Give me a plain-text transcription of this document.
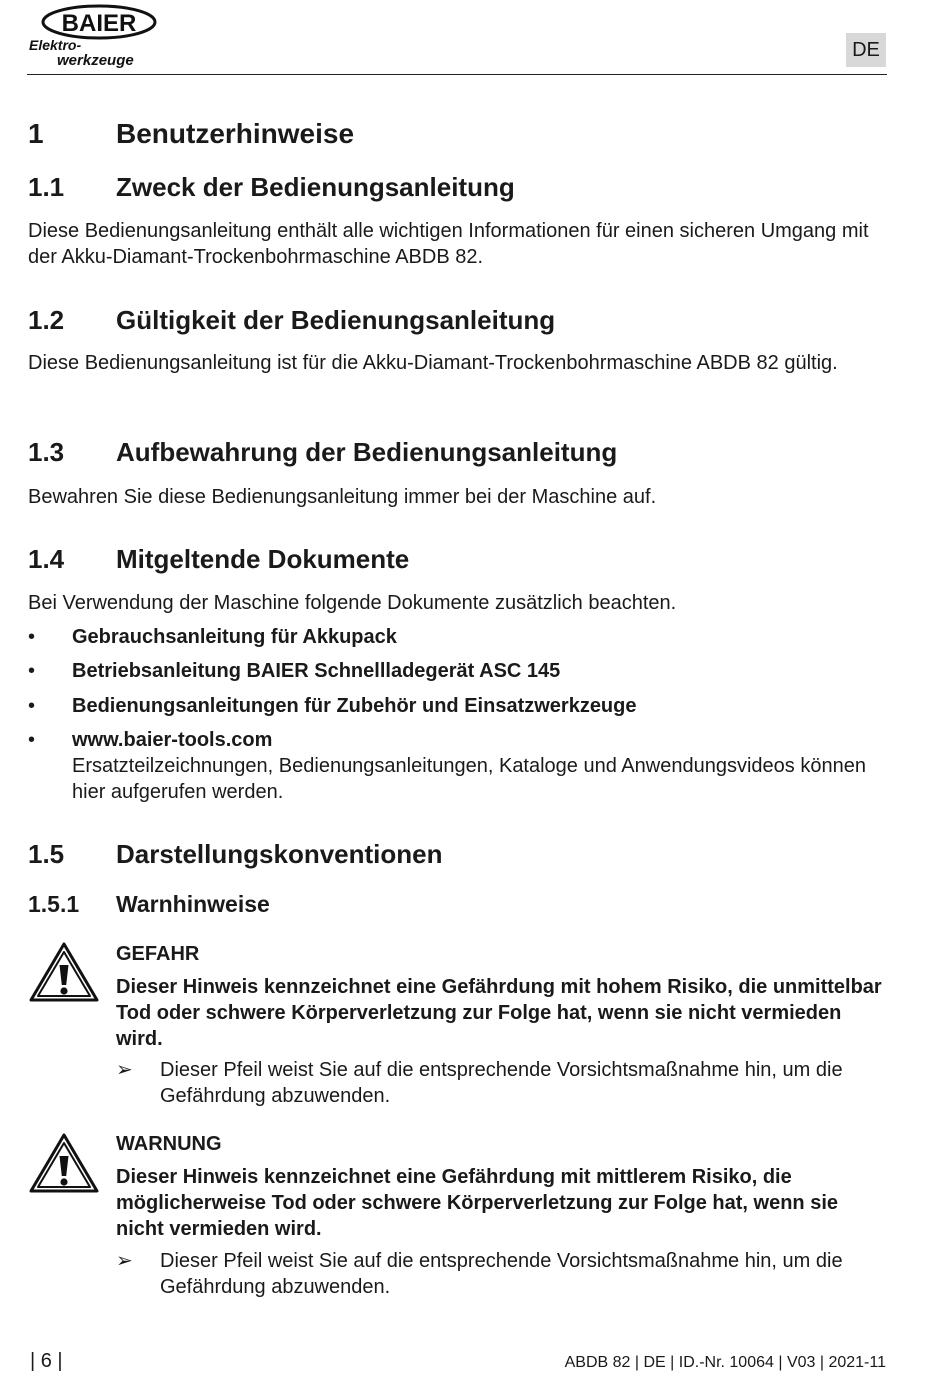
BAIER
Elektro-
werkzeuge	DE
1	Benutzerhinweise
1.1 Zweck der Bedienungsanleitung
Diese Bedienungsanleitung enthält alle wichtigen Informationen für einen sicheren Umgang mit der Akku-Diamant-Trockenbohrmaschine ABDB 82.
1.2 Gültigkeit der Bedienungsanleitung
Diese Bedienungsanleitung ist für die Akku-Diamant-Trockenbohrmaschine ABDB 82 gültig.
1.3 Aufbewahrung der Bedienungsanleitung
Bewahren Sie diese Bedienungsanleitung immer bei der Maschine auf.
1.4 Mitgeltende Dokumente
Bei Verwendung der Maschine folgende Dokumente zusätzlich beachten.
• Gebrauchsanleitung für Akkupack
• Betriebsanleitung BAIER Schnellladegerät ASC 145
• Bedienungsanleitungen für Zubehör und Einsatzwerkzeuge
• www.baier-tools.com
Ersatzteilzeichnungen, Bedienungsanleitungen, Kataloge und Anwendungsvideos können hier aufgerufen werden.
1.5 Darstellungskonventionen
1.5.1 Warnhinweise
GEFAHR
Dieser Hinweis kennzeichnet eine Gefährdung mit hohem Risiko, die unmittelbar Tod oder schwere Körperverletzung zur Folge hat, wenn sie nicht vermieden wird.
➢ Dieser Pfeil weist Sie auf die entsprechende Vorsichtsmaßnahme hin, um die Gefährdung abzuwenden.
WARNUNG
Dieser Hinweis kennzeichnet eine Gefährdung mit mittlerem Risiko, die möglicherweise Tod oder schwere Körperverletzung zur Folge hat, wenn sie nicht vermieden wird.
➢ Dieser Pfeil weist Sie auf die entsprechende Vorsichtsmaßnahme hin, um die Gefährdung abzuwenden.
| 6 |	ABDB 82 | DE | ID.-Nr. 10064 | V03 | 2021-11
